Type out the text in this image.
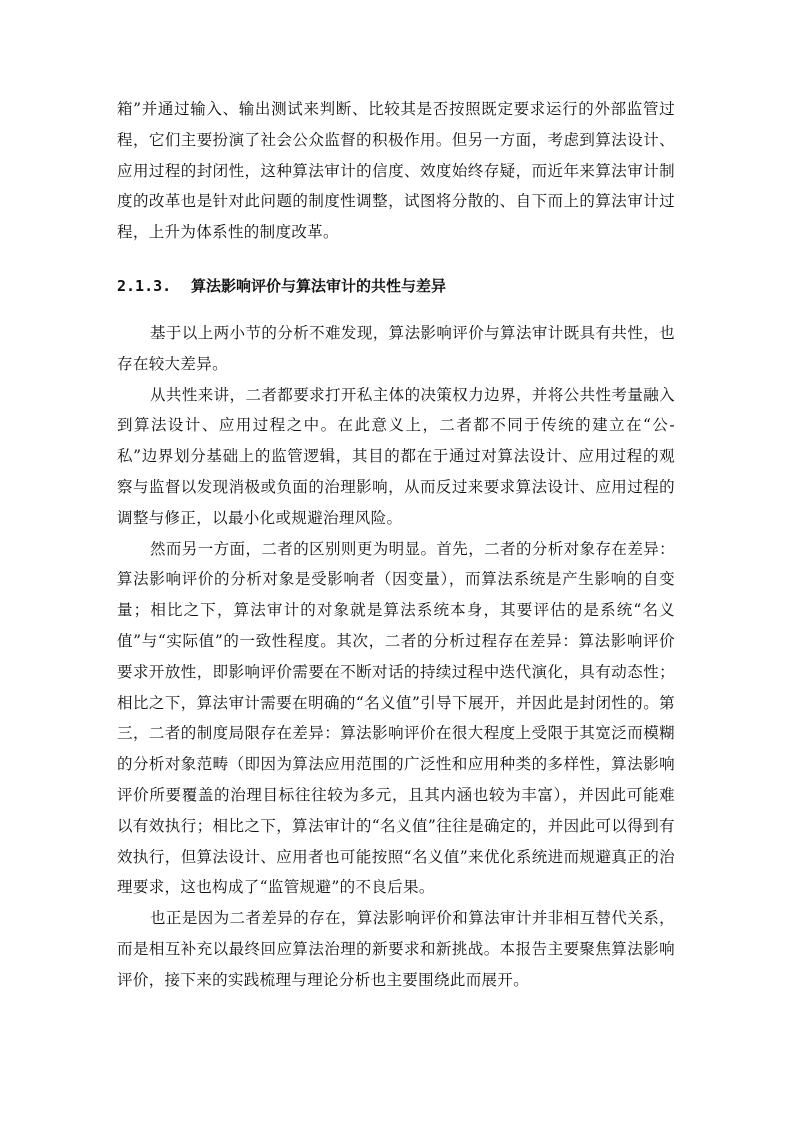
箱”并通过输入、输出测试来判断、比较其是否按照既定要求运行的外部监管过程，它们主要扮演了社会公众监督的积极作用。但另一方面，考虑到算法设计、应用过程的封闭性，这种算法审计的信度、效度始终存疑，而近年来算法审计制度的改革也是针对此问题的制度性调整，试图将分散的、自下而上的算法审计过程，上升为体系性的制度改革。

2.1.3.	算法影响评价与算法审计的共性与差异

基于以上两小节的分析不难发现，算法影响评价与算法审计既具有共性，也存在较大差异。

从共性来讲，二者都要求打开私主体的决策权力边界，并将公共性考量融入到算法设计、应用过程之中。在此意义上，二者都不同于传统的建立在“公-私”边界划分基础上的监管逻辑，其目的都在于通过对算法设计、应用过程的观察与监督以发现消极或负面的治理影响，从而反过来要求算法设计、应用过程的调整与修正，以最小化或规避治理风险。

然而另一方面，二者的区别则更为明显。首先，二者的分析对象存在差异：算法影响评价的分析对象是受影响者（因变量），而算法系统是产生影响的自变量；相比之下，算法审计的对象就是算法系统本身，其要评估的是系统“名义值”与“实际值”的一致性程度。其次，二者的分析过程存在差异：算法影响评价要求开放性，即影响评价需要在不断对话的持续过程中迭代演化，具有动态性；相比之下，算法审计需要在明确的“名义值”引导下展开，并因此是封闭性的。第三，二者的制度局限存在差异：算法影响评价在很大程度上受限于其宽泛而模糊的分析对象范畴（即因为算法应用范围的广泛性和应用种类的多样性，算法影响评价所要覆盖的治理目标往往较为多元，且其内涵也较为丰富），并因此可能难以有效执行；相比之下，算法审计的“名义值”往往是确定的，并因此可以得到有效执行，但算法设计、应用者也可能按照“名义值”来优化系统进而规避真正的治理要求，这也构成了“监管规避”的不良后果。

也正是因为二者差异的存在，算法影响评价和算法审计并非相互替代关系，而是相互补充以最终回应算法治理的新要求和新挑战。本报告主要聚焦算法影响评价，接下来的实践梳理与理论分析也主要围绕此而展开。
